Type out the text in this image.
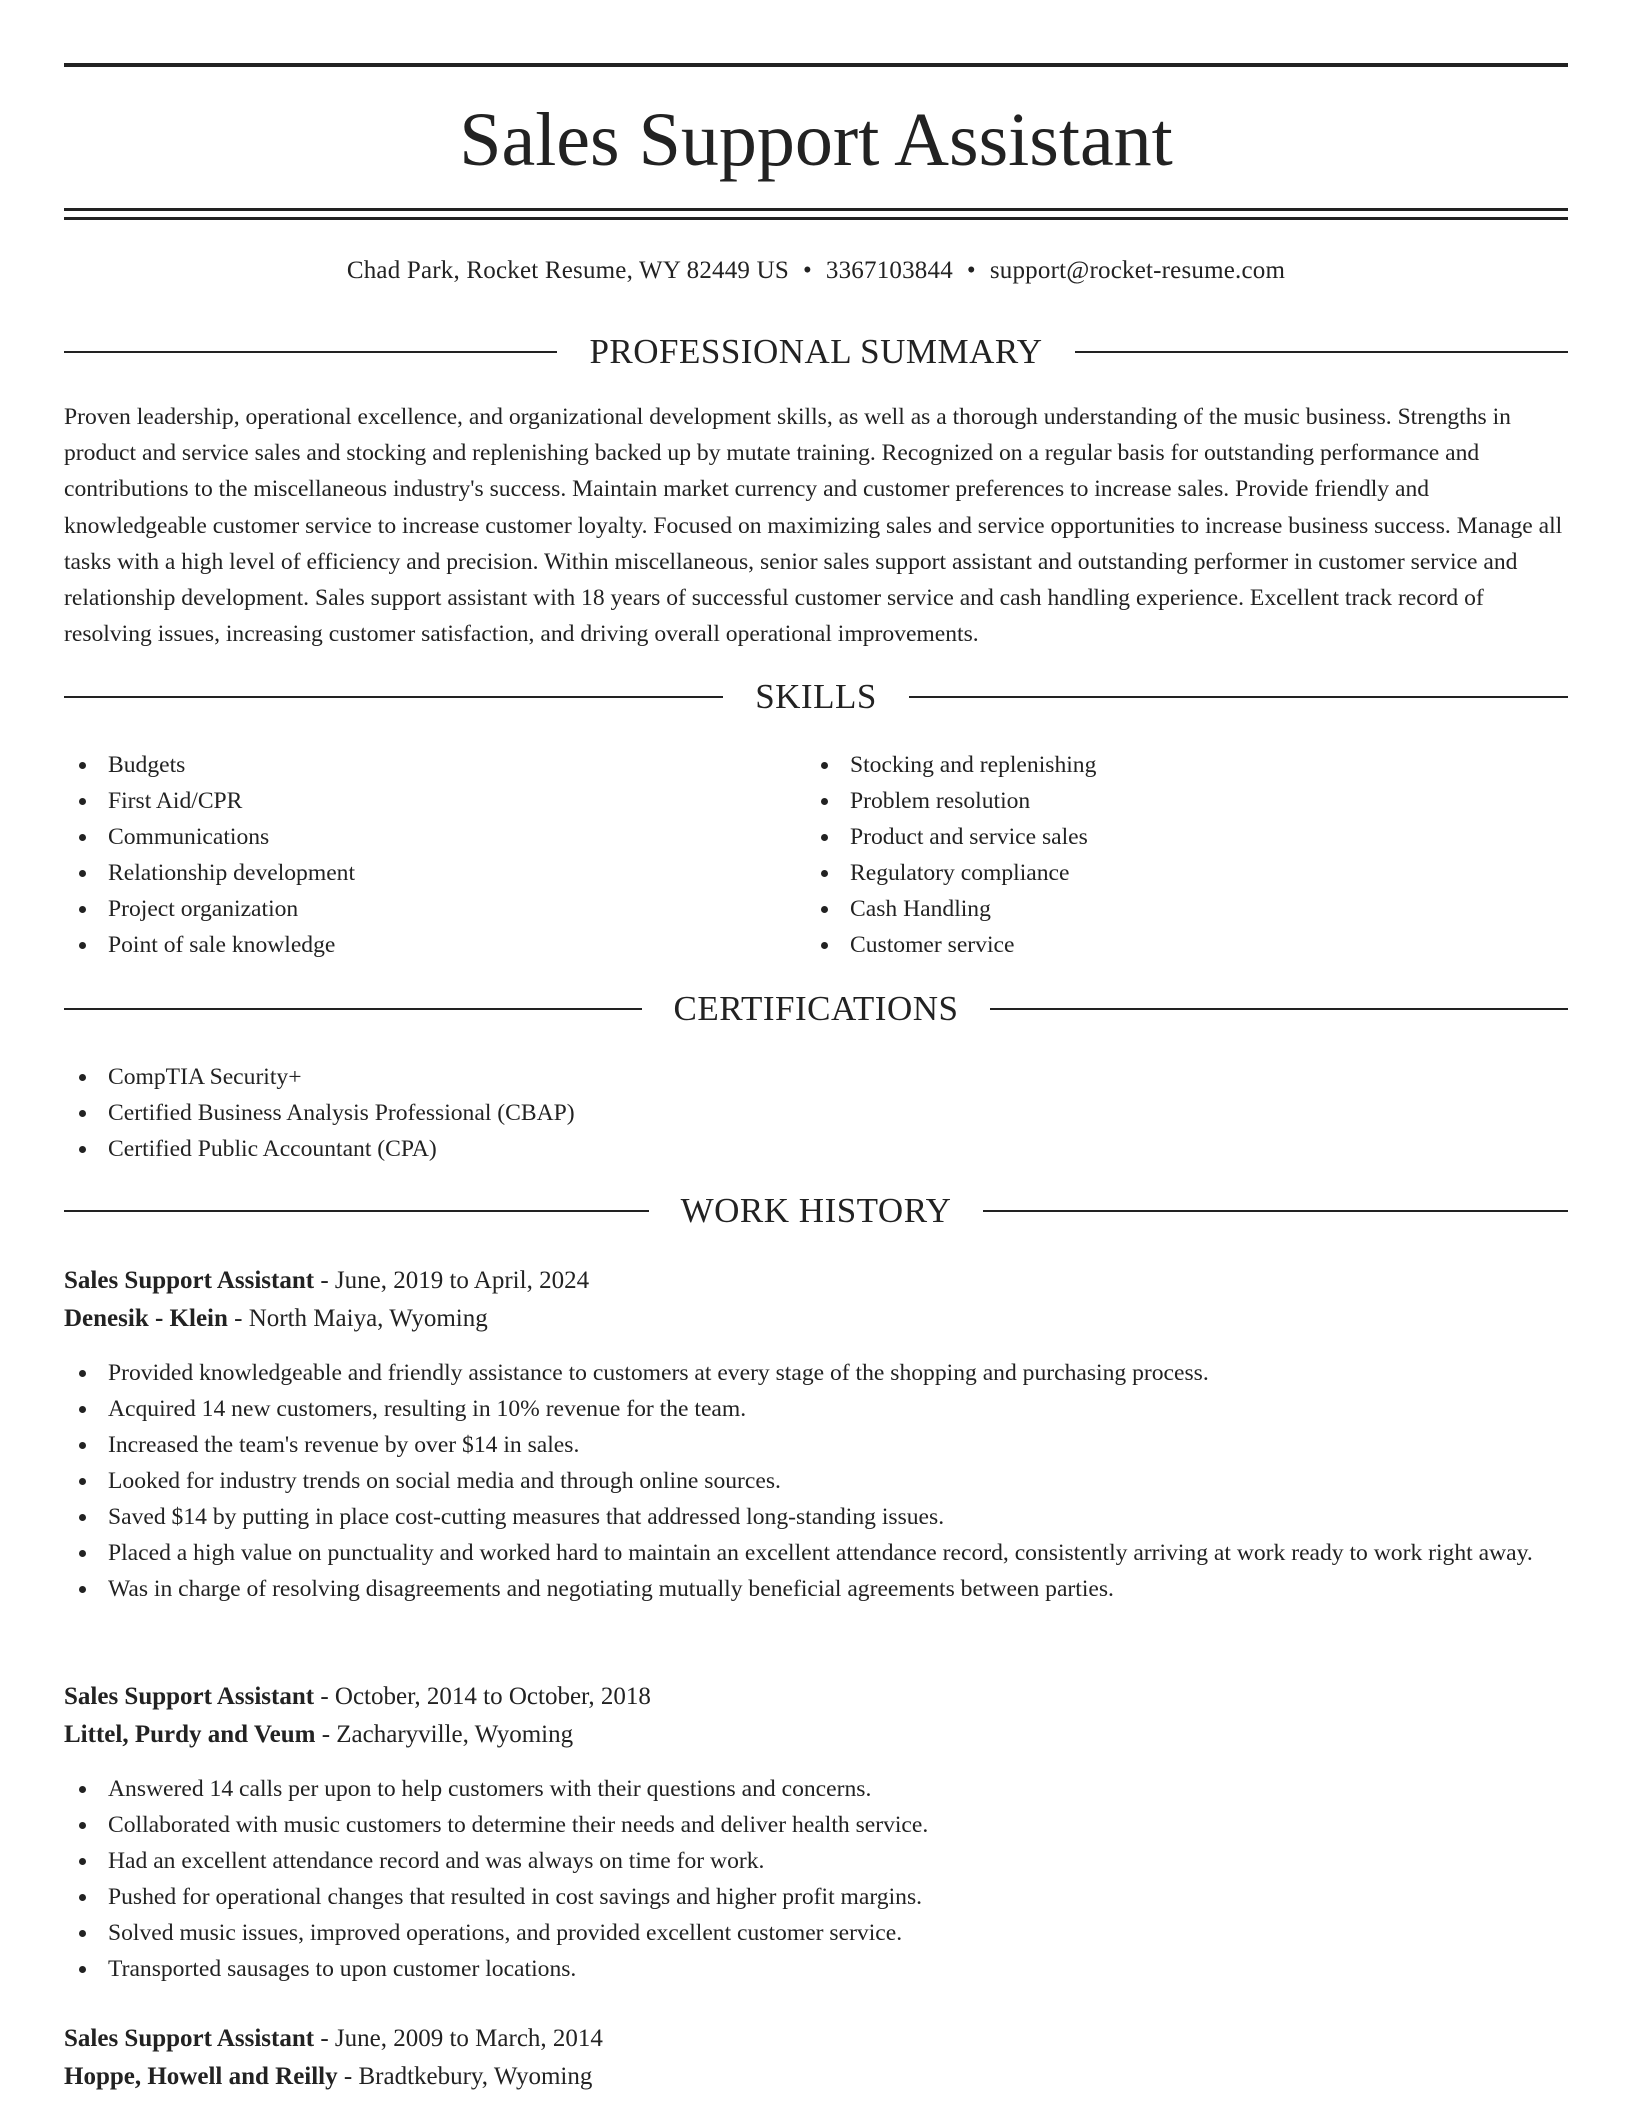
Sales Support Assistant
Chad Park, Rocket Resume, WY 82449 US • 3367103844 • support@rocket-resume.com
PROFESSIONAL SUMMARY

Proven leadership, operational excellence, and organizational development skills, as well as a thorough understanding of the music business. Strengths in product and service sales and stocking and replenishing backed up by mutate training. Recognized on a regular basis for outstanding performance and contributions to the miscellaneous industry's success. Maintain market currency and customer preferences to increase sales. Provide friendly and knowledgeable customer service to increase customer loyalty. Focused on maximizing sales and service opportunities to increase business success. Manage all tasks with a high level of efficiency and precision. Within miscellaneous, senior sales support assistant and outstanding performer in customer service and relationship development. Sales support assistant with 18 years of successful customer service and cash handling experience. Excellent track record of resolving issues, increasing customer satisfaction, and driving overall operational improvements.

SKILLS
Budgets
First Aid/CPR
Communications
Relationship development
Project organization
Point of sale knowledge
Stocking and replenishing
Problem resolution
Product and service sales
Regulatory compliance
Cash Handling
Customer service
CERTIFICATIONS
CompTIA Security+
Certified Business Analysis Professional (CBAP)
Certified Public Accountant (CPA)
WORK HISTORY
Sales Support Assistant - June, 2019 to April, 2024
Denesik - Klein - North Maiya, Wyoming
Provided knowledgeable and friendly assistance to customers at every stage of the shopping and purchasing process.
Acquired 14 new customers, resulting in 10% revenue for the team.
Increased the team's revenue by over $14 in sales.
Looked for industry trends on social media and through online sources.
Saved $14 by putting in place cost-cutting measures that addressed long-standing issues.
Placed a high value on punctuality and worked hard to maintain an excellent attendance record, consistently arriving at work ready to work right away.
Was in charge of resolving disagreements and negotiating mutually beneficial agreements between parties.
Sales Support Assistant - October, 2014 to October, 2018
Littel, Purdy and Veum - Zacharyville, Wyoming
Answered 14 calls per upon to help customers with their questions and concerns.
Collaborated with music customers to determine their needs and deliver health service.
Had an excellent attendance record and was always on time for work.
Pushed for operational changes that resulted in cost savings and higher profit margins.
Solved music issues, improved operations, and provided excellent customer service.
Transported sausages to upon customer locations.
Sales Support Assistant - June, 2009 to March, 2014
Hoppe, Howell and Reilly - Bradtkebury, Wyoming
